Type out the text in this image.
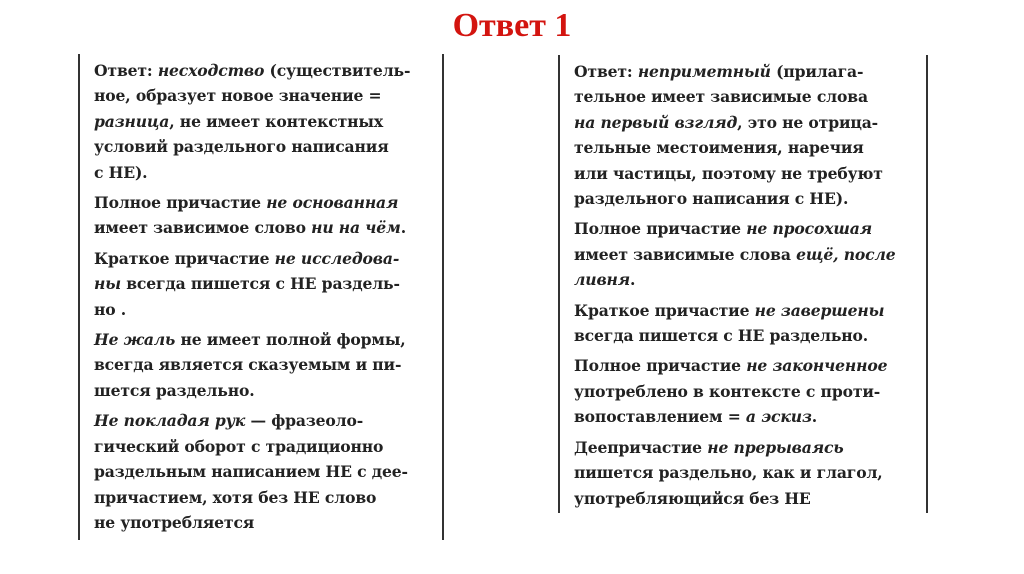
Ответ 1

Ответ: несходство (существитель-
ное, образует новое значение =
разница, не имеет контекстных
условий раздельного написания
с НЕ).

Полное причастие не основанная
имеет зависимое слово ни на чём.

Краткое причастие не исследова-
ны всегда пишется с НЕ раздель-
но .

Не жаль не имеет полной формы,
всегда является сказуемым и пи-
шется раздельно.

Не покладая рук — фразеоло-
гический оборот с традиционно
раздельным написанием НЕ с дее-
причастием, хотя без НЕ слово
не употребляется

Ответ: неприметный (прилага-
тельное имеет зависимые слова
на первый взгляд, это не отрица-
тельные местоимения, наречия
или частицы, поэтому не требуют
раздельного написания с НЕ).

Полное причастие не просохшая
имеет зависимые слова ещё, после
ливня.

Краткое причастие не завершены
всегда пишется с НЕ раздельно.

Полное причастие не законченное
употреблено в контексте с проти-
вопоставлением = а эскиз.

Деепричастие не прерываясь
пишется раздельно, как и глагол,
употребляющийся без НЕ
